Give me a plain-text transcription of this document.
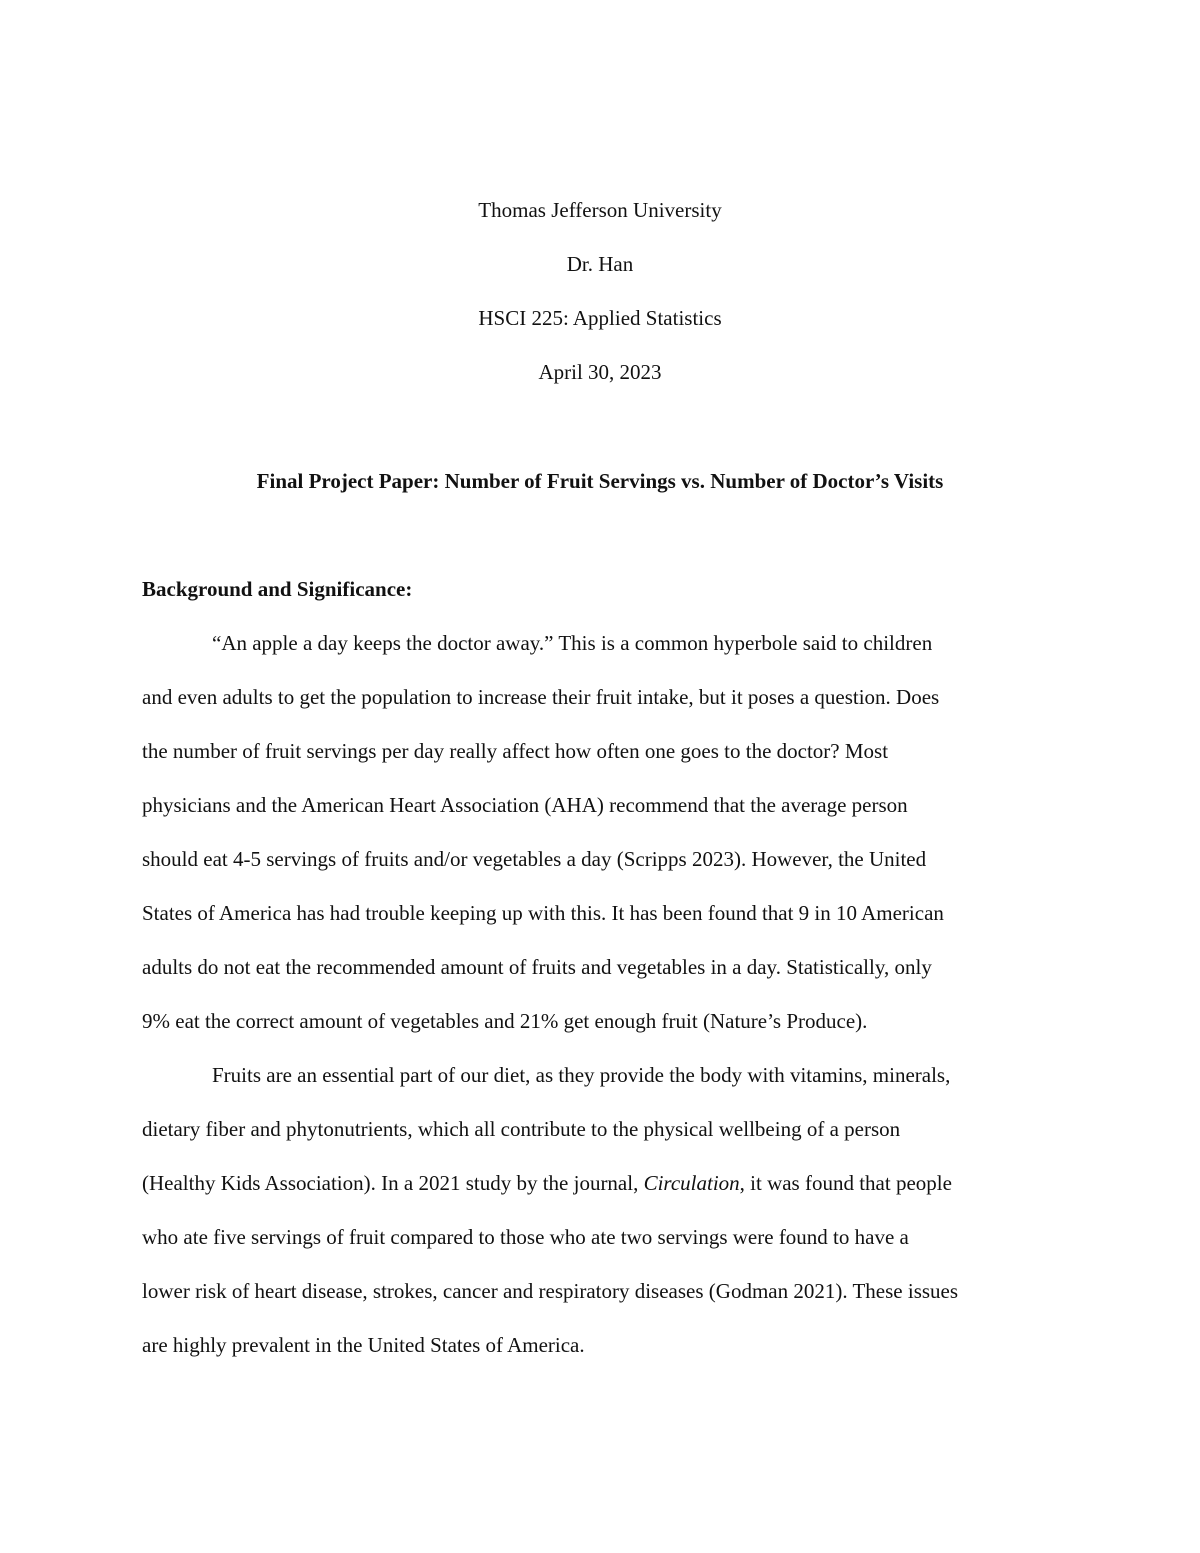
Thomas Jefferson University
Dr. Han
HSCI 225: Applied Statistics
April 30, 2023
Final Project Paper: Number of Fruit Servings vs. Number of Doctor’s Visits
Background and Significance:
“An apple a day keeps the doctor away.” This is a common hyperbole said to children
and even adults to get the population to increase their fruit intake, but it poses a question. Does
the number of fruit servings per day really affect how often one goes to the doctor? Most
physicians and the American Heart Association (AHA) recommend that the average person
should eat 4-5 servings of fruits and/or vegetables a day (Scripps 2023). However, the United
States of America has had trouble keeping up with this. It has been found that 9 in 10 American
adults do not eat the recommended amount of fruits and vegetables in a day. Statistically, only
9% eat the correct amount of vegetables and 21% get enough fruit (Nature’s Produce).
Fruits are an essential part of our diet, as they provide the body with vitamins, minerals,
dietary fiber and phytonutrients, which all contribute to the physical wellbeing of a person
(Healthy Kids Association). In a 2021 study by the journal, Circulation, it was found that people
who ate five servings of fruit compared to those who ate two servings were found to have a
lower risk of heart disease, strokes, cancer and respiratory diseases (Godman 2021). These issues
are highly prevalent in the United States of America.
